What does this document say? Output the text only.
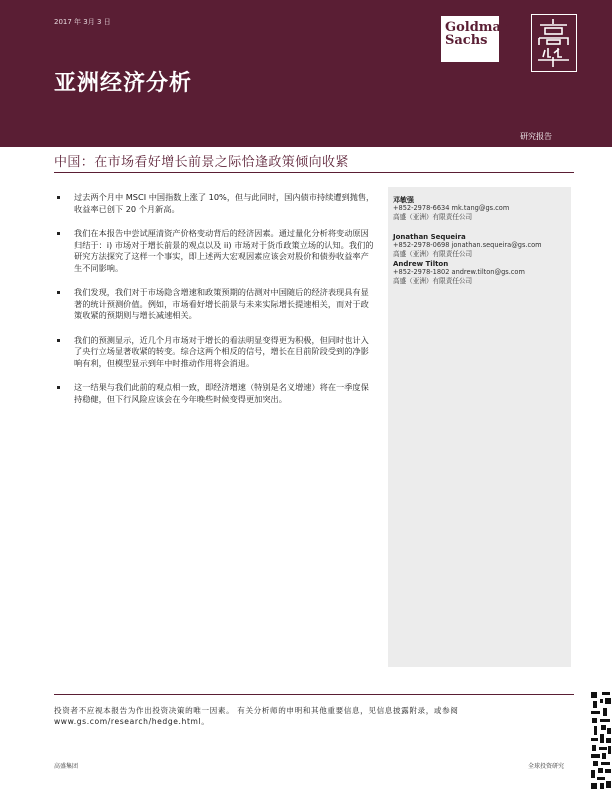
2017 年 3月 3 日
亚洲经济分析
Goldman
Sachs
研究报告
中国：在市场看好增长前景之际恰逢政策倾向收紧
过去两个月中 MSCI 中国指数上涨了 10%，但与此同时，国内债市持续遭到抛售，收益率已创下 20 个月新高。
我们在本报告中尝试厘清资产价格变动背后的经济因素。通过量化分析将变动原因归结于：i) 市场对于增长前景的观点以及 ii) 市场对于货币政策立场的认知。我们的研究方法探究了这样一个事实，即上述两大宏观因素应该会对股价和债券收益率产生不同影响。
我们发现，我们对于市场隐含增速和政策预期的估测对中国随后的经济表现具有显著的统计预测价值。例如，市场看好增长前景与未来实际增长提速相关，而对于政策收紧的预期则与增长减速相关。
我们的预测显示，近几个月市场对于增长的看法明显变得更为积极，但同时也计入了央行立场显著收紧的转变。综合这两个相反的信号，增长在目前阶段受到的净影响有利，但模型显示到年中时推动作用将会消退。
这一结果与我们此前的观点相一致，即经济增速（特别是名义增速）将在一季度保持稳健，但下行风险应该会在今年晚些时候变得更加突出。
邓敏强
+852-2978-6634 mk.tang@gs.com
高盛（亚洲）有限责任公司
Jonathan Sequeira
+852-2978-0698 jonathan.sequeira@gs.com
高盛（亚洲）有限责任公司
Andrew Tilton
+852-2978-1802 andrew.tilton@gs.com
高盛（亚洲）有限责任公司
投资者不应视本报告为作出投资决策的唯一因素。 有关分析师的申明和其他重要信息，见信息披露附录，或参阅
www.gs.com/research/hedge.html。
高盛集团	全球投资研究
